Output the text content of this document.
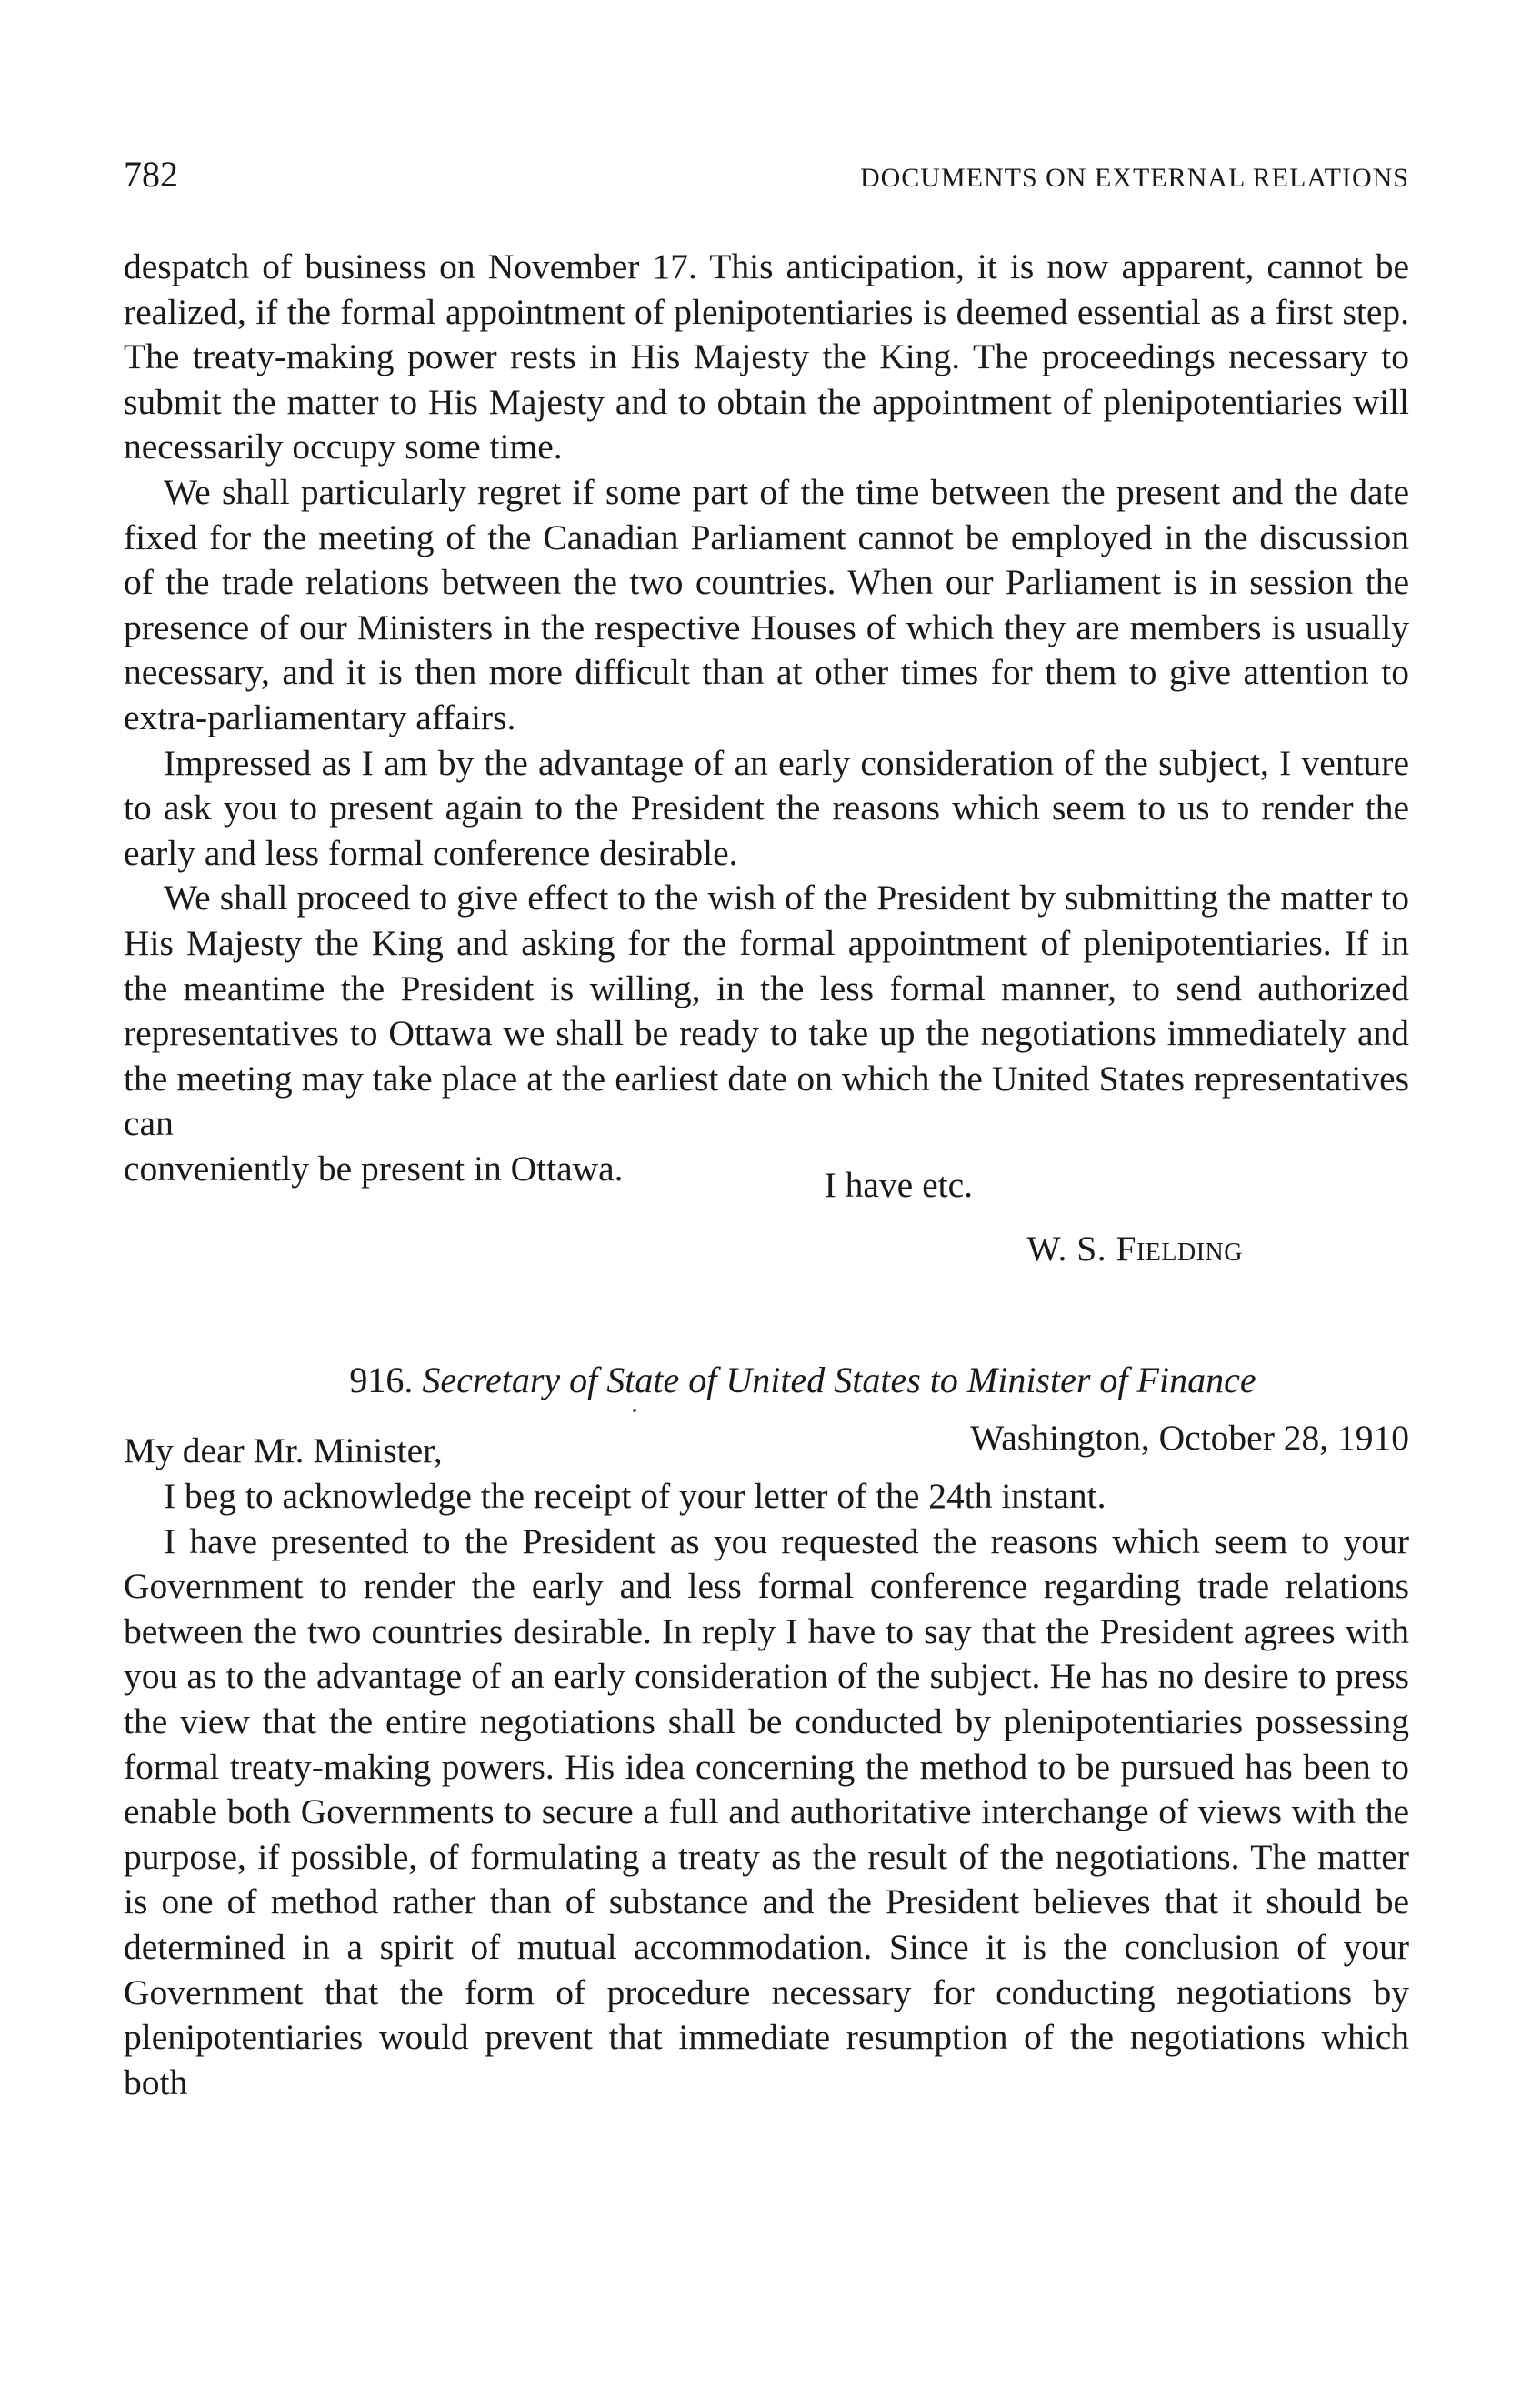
782	DOCUMENTS ON EXTERNAL RELATIONS

despatch of business on November 17. This anticipation, it is now apparent, cannot be realized, if the formal appointment of plenipotentiaries is deemed essential as a first step. The treaty-making power rests in His Majesty the King. The proceedings necessary to submit the matter to His Majesty and to obtain the appointment of plenipotentiaries will necessarily occupy some time.

We shall particularly regret if some part of the time between the present and the date fixed for the meeting of the Canadian Parliament cannot be employed in the discussion of the trade relations between the two countries. When our Parliament is in session the presence of our Ministers in the respective Houses of which they are members is usually necessary, and it is then more difficult than at other times for them to give attention to extra-parliamentary affairs.

Impressed as I am by the advantage of an early consideration of the subject, I venture to ask you to present again to the President the reasons which seem to us to render the early and less formal conference desirable.

We shall proceed to give effect to the wish of the President by submitting the matter to His Majesty the King and asking for the formal appointment of plenipotentiaries. If in the meantime the President is willing, in the less formal manner, to send authorized representatives to Ottawa we shall be ready to take up the negotiations immediately and the meeting may take place at the earliest date on which the United States representatives can

conveniently be present in Ottawa.	I have etc.
W. S. Fielding
916. Secretary of State of United States to Minister of Finance
My dear Mr. Minister,	Washington, October 28, 1910

I beg to acknowledge the receipt of your letter of the 24th instant.

I have presented to the President as you requested the reasons which seem to your Government to render the early and less formal conference regarding trade relations between the two countries desirable. In reply I have to say that the President agrees with you as to the advantage of an early consideration of the subject. He has no desire to press the view that the entire negotiations shall be conducted by plenipotentiaries possessing formal treaty-making powers. His idea concerning the method to be pursued has been to enable both Governments to secure a full and authoritative interchange of views with the purpose, if possible, of formulating a treaty as the result of the negotiations. The matter is one of method rather than of substance and the President believes that it should be determined in a spirit of mutual accommodation. Since it is the conclusion of your Government that the form of procedure necessary for conducting negotiations by plenipotentiaries would prevent that immediate resumption of the negotiations which both
